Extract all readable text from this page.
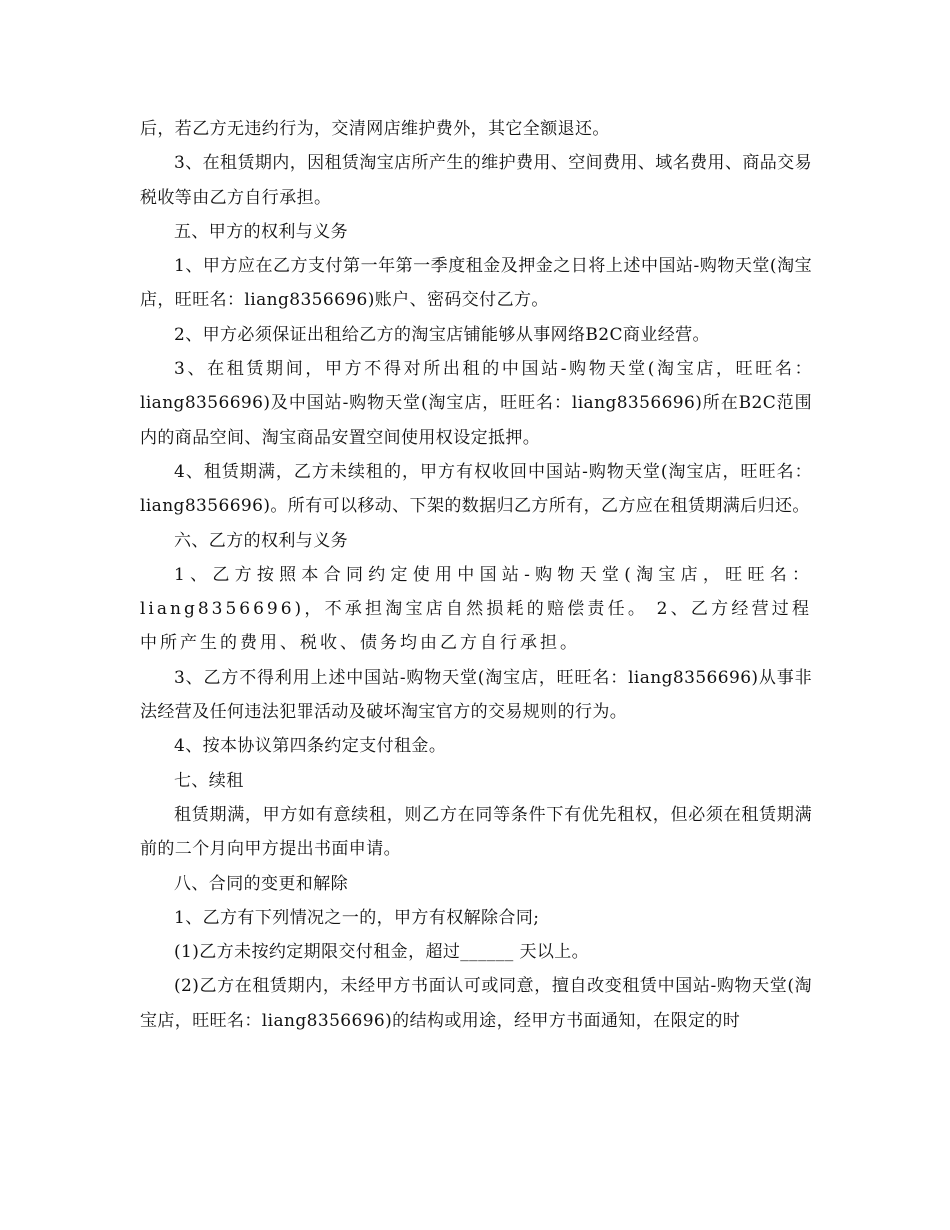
后，若乙方无违约行为，交清网店维护费外，其它全额退还。

3、在租赁期内，因租赁淘宝店所产生的维护费用、空间费用、域名费用、商品交易税收等由乙方自行承担。

五、甲方的权利与义务

1、甲方应在乙方支付第一年第一季度租金及押金之日将上述中国站-购物天堂(淘宝店，旺旺名：liang8356696)账户、密码交付乙方。

2、甲方必须保证出租给乙方的淘宝店铺能够从事网络B2C商业经营。

3、在租赁期间，甲方不得对所出租的中国站-购物天堂(淘宝店，旺旺名：liang8356696)及中国站-购物天堂(淘宝店，旺旺名：liang8356696)所在B2C范围内的商品空间、淘宝商品安置空间使用权设定抵押。

4、租赁期满，乙方未续租的，甲方有权收回中国站-购物天堂(淘宝店，旺旺名：liang8356696)。所有可以移动、下架的数据归乙方所有，乙方应在租赁期满后归还。

六、乙方的权利与义务

1、乙方按照本合同约定使用中国站-购物天堂(淘宝店，旺旺名：liang8356696)，不承担淘宝店自然损耗的赔偿责任。 2、乙方经营过程中所产生的费用、税收、债务均由乙方自行承担。

3、乙方不得利用上述中国站-购物天堂(淘宝店，旺旺名：liang8356696)从事非法经营及任何违法犯罪活动及破坏淘宝官方的交易规则的行为。

4、按本协议第四条约定支付租金。

七、续租

租赁期满，甲方如有意续租，则乙方在同等条件下有优先租权，但必须在租赁期满前的二个月向甲方提出书面申请。

八、合同的变更和解除

1、乙方有下列情况之一的，甲方有权解除合同;

(1)乙方未按约定期限交付租金，超过______ 天以上。

(2)乙方在租赁期内，未经甲方书面认可或同意，擅自改变租赁中国站-购物天堂(淘宝店，旺旺名：liang8356696)的结构或用途，经甲方书面通知，在限定的时
